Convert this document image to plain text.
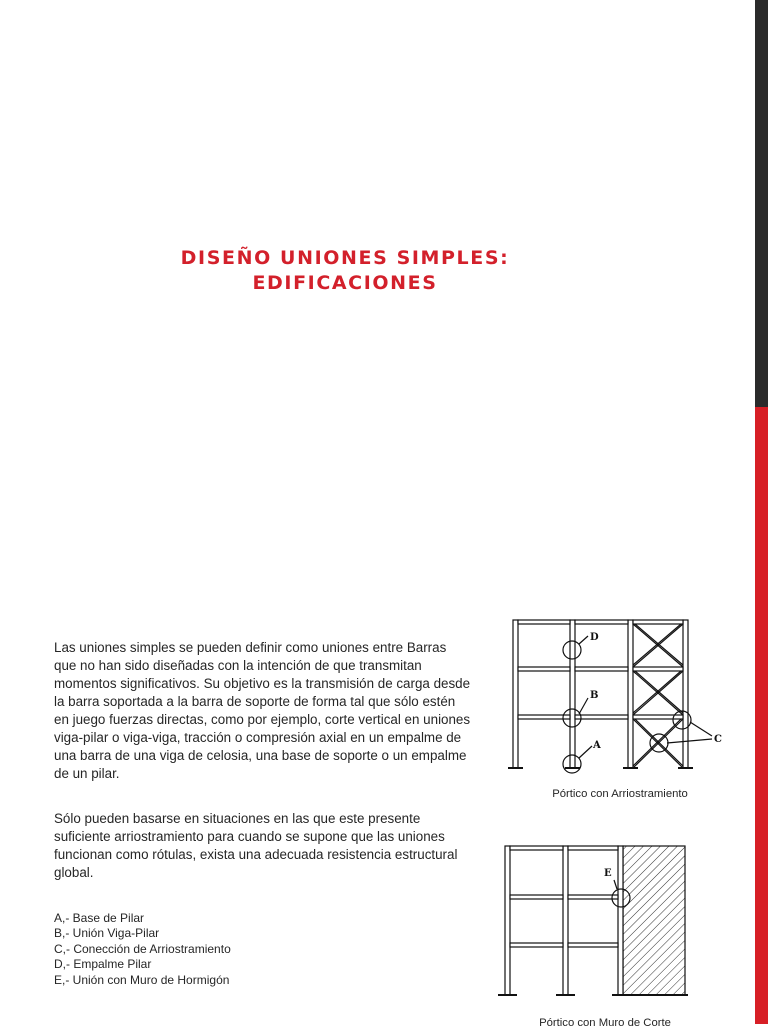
DISEÑO UNIONES SIMPLES:
EDIFICACIONES

Las uniones simples se pueden definir como uniones entre Barras que no han sido diseñadas con la intención de que transmitan momentos significativos. Su objetivo es la transmisión de carga desde la barra soportada a la barra de soporte de forma tal que sólo estén en juego fuerzas directas, como por ejemplo, corte vertical en uniones viga-pilar o viga-viga, tracción o compresión axial en un empalme de una barra de una viga de celosia, una base de soporte o un empalme de un pilar.

Sólo pueden basarse en situaciones en las que este presente suficiente arriostramiento para cuando se supone que las uniones funcionan como rótulas, exista una adecuada resistencia estructural global.

A,- Base de Pilar
B,- Unión Viga-Pilar
C,- Conección de Arriostramiento
D,- Empalme Pilar
E,- Unión con Muro de Hormigón
D
B
A
C

Pórtico con Arriostramiento

E

Pórtico con Muro de Corte
